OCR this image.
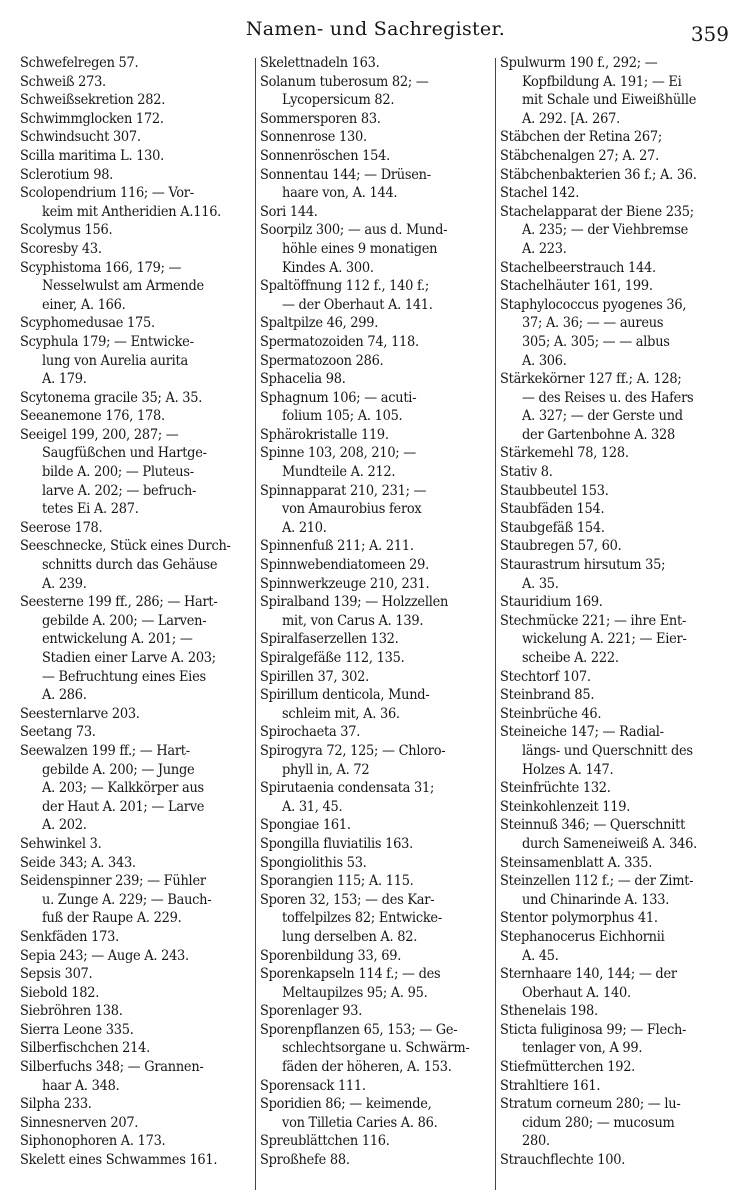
Namen- und Sachregister.	359
Schwefelregen 57.
Schweiß 273.
Schweißsekretion 282.
Schwimmglocken 172.
Schwindsucht 307.
Scilla maritima L. 130.
Sclerotium 98.
Scolopendrium 116; — Vor-
keim mit Antheridien A.116.
Scolymus 156.
Scoresby 43.
Scyphistoma 166, 179; —
Nesselwulst am Armende
einer, A. 166.
Scyphomedusae 175.
Scyphula 179; — Entwicke-
lung von Aurelia aurita
A. 179.
Scytonema gracile 35; A. 35.
Seeanemone 176, 178.
Seeigel 199, 200, 287; —
Saugfüßchen und Hartge-
bilde A. 200; — Pluteus-
larve A. 202; — befruch-
tetes Ei A. 287.
Seerose 178.
Seeschnecke, Stück eines Durch-
schnitts durch das Gehäuse
A. 239.
Seesterne 199 ff., 286; — Hart-
gebilde A. 200; — Larven-
entwickelung A. 201; —
Stadien einer Larve A. 203;
— Befruchtung eines Eies
A. 286.
Seesternlarve 203.
Seetang 73.
Seewalzen 199 ff.; — Hart-
gebilde A. 200; — Junge
A. 203; — Kalkkörper aus
der Haut A. 201; — Larve
A. 202.
Sehwinkel 3.
Seide 343; A. 343.
Seidenspinner 239; — Fühler
u. Zunge A. 229; — Bauch-
fuß der Raupe A. 229.
Senkfäden 173.
Sepia 243; — Auge A. 243.
Sepsis 307.
Siebold 182.
Siebröhren 138.
Sierra Leone 335.
Silberfischchen 214.
Silberfuchs 348; — Grannen-
haar A. 348.
Silpha 233.
Sinnesnerven 207.
Siphonophoren A. 173.
Skelett eines Schwammes 161.
Skelettnadeln 163.
Solanum tuberosum 82; —
Lycopersicum 82.
Sommersporen 83.
Sonnenrose 130.
Sonnenröschen 154.
Sonnentau 144; — Drüsen-
haare von, A. 144.
Sori 144.
Soorpilz 300; — aus d. Mund-
höhle eines 9 monatigen
Kindes A. 300.
Spaltöffnung 112 f., 140 f.;
— der Oberhaut A. 141.
Spaltpilze 46, 299.
Spermatozoiden 74, 118.
Spermatozoon 286.
Sphacelia 98.
Sphagnum 106; — acuti-
folium 105; A. 105.
Sphärokristalle 119.
Spinne 103, 208, 210; —
Mundteile A. 212.
Spinnapparat 210, 231; —
von Amaurobius ferox
A. 210.
Spinnenfuß 211; A. 211.
Spinnwebendiatomeen 29.
Spinnwerkzeuge 210, 231.
Spiralband 139; — Holzzellen
mit, von Carus A. 139.
Spiralfaserzellen 132.
Spiralgefäße 112, 135.
Spirillen 37, 302.
Spirillum denticola, Mund-
schleim mit, A. 36.
Spirochaeta 37.
Spirogyra 72, 125; — Chloro-
phyll in, A. 72
Spirutaenia condensata 31;
A. 31, 45.
Spongiae 161.
Spongilla fluviatilis 163.
Spongiolithis 53.
Sporangien 115; A. 115.
Sporen 32, 153; — des Kar-
toffelpilzes 82; Entwicke-
lung derselben A. 82.
Sporenbildung 33, 69.
Sporenkapseln 114 f.; — des
Meltaupilzes 95; A. 95.
Sporenlager 93.
Sporenpflanzen 65, 153; — Ge-
schlechtsorgane u. Schwärm-
fäden der höheren, A. 153.
Sporensack 111.
Sporidien 86; — keimende,
von Tilletia Caries A. 86.
Spreublättchen 116.
Sproßhefe 88.
Spulwurm 190 f., 292; —
Kopfbildung A. 191; — Ei
mit Schale und Eiweißhülle
A. 292. [A. 267.
Stäbchen der Retina 267;
Stäbchenalgen 27; A. 27.
Stäbchenbakterien 36 f.; A. 36.
Stachel 142.
Stachelapparat der Biene 235;
A. 235; — der Viehbremse
A. 223.
Stachelbeerstrauch 144.
Stachelhäuter 161, 199.
Staphylococcus pyogenes 36,
37; A. 36; — — aureus
305; A. 305; — — albus
A. 306.
Stärkekörner 127 ff.; A. 128;
— des Reises u. des Hafers
A. 327; — der Gerste und
der Gartenbohne A. 328
Stärkemehl 78, 128.
Stativ 8.
Staubbeutel 153.
Staubfäden 154.
Staubgefäß 154.
Staubregen 57, 60.
Staurastrum hirsutum 35;
A. 35.
Stauridium 169.
Stechmücke 221; — ihre Ent-
wickelung A. 221; — Eier-
scheibe A. 222.
Stechtorf 107.
Steinbrand 85.
Steinbrüche 46.
Steineiche 147; — Radial-
längs- und Querschnitt des
Holzes A. 147.
Steinfrüchte 132.
Steinkohlenzeit 119.
Steinnuß 346; — Querschnitt
durch Sameneiweiß A. 346.
Steinsamenblatt A. 335.
Steinzellen 112 f.; — der Zimt-
und Chinarinde A. 133.
Stentor polymorphus 41.
Stephanocerus Eichhornii
A. 45.
Sternhaare 140, 144; — der
Oberhaut A. 140.
Sthenelais 198.
Sticta fuliginosa 99; — Flech-
tenlager von, A 99.
Stiefmütterchen 192.
Strahltiere 161.
Stratum corneum 280; — lu-
cidum 280; — mucosum
280.
Strauchflechte 100.
